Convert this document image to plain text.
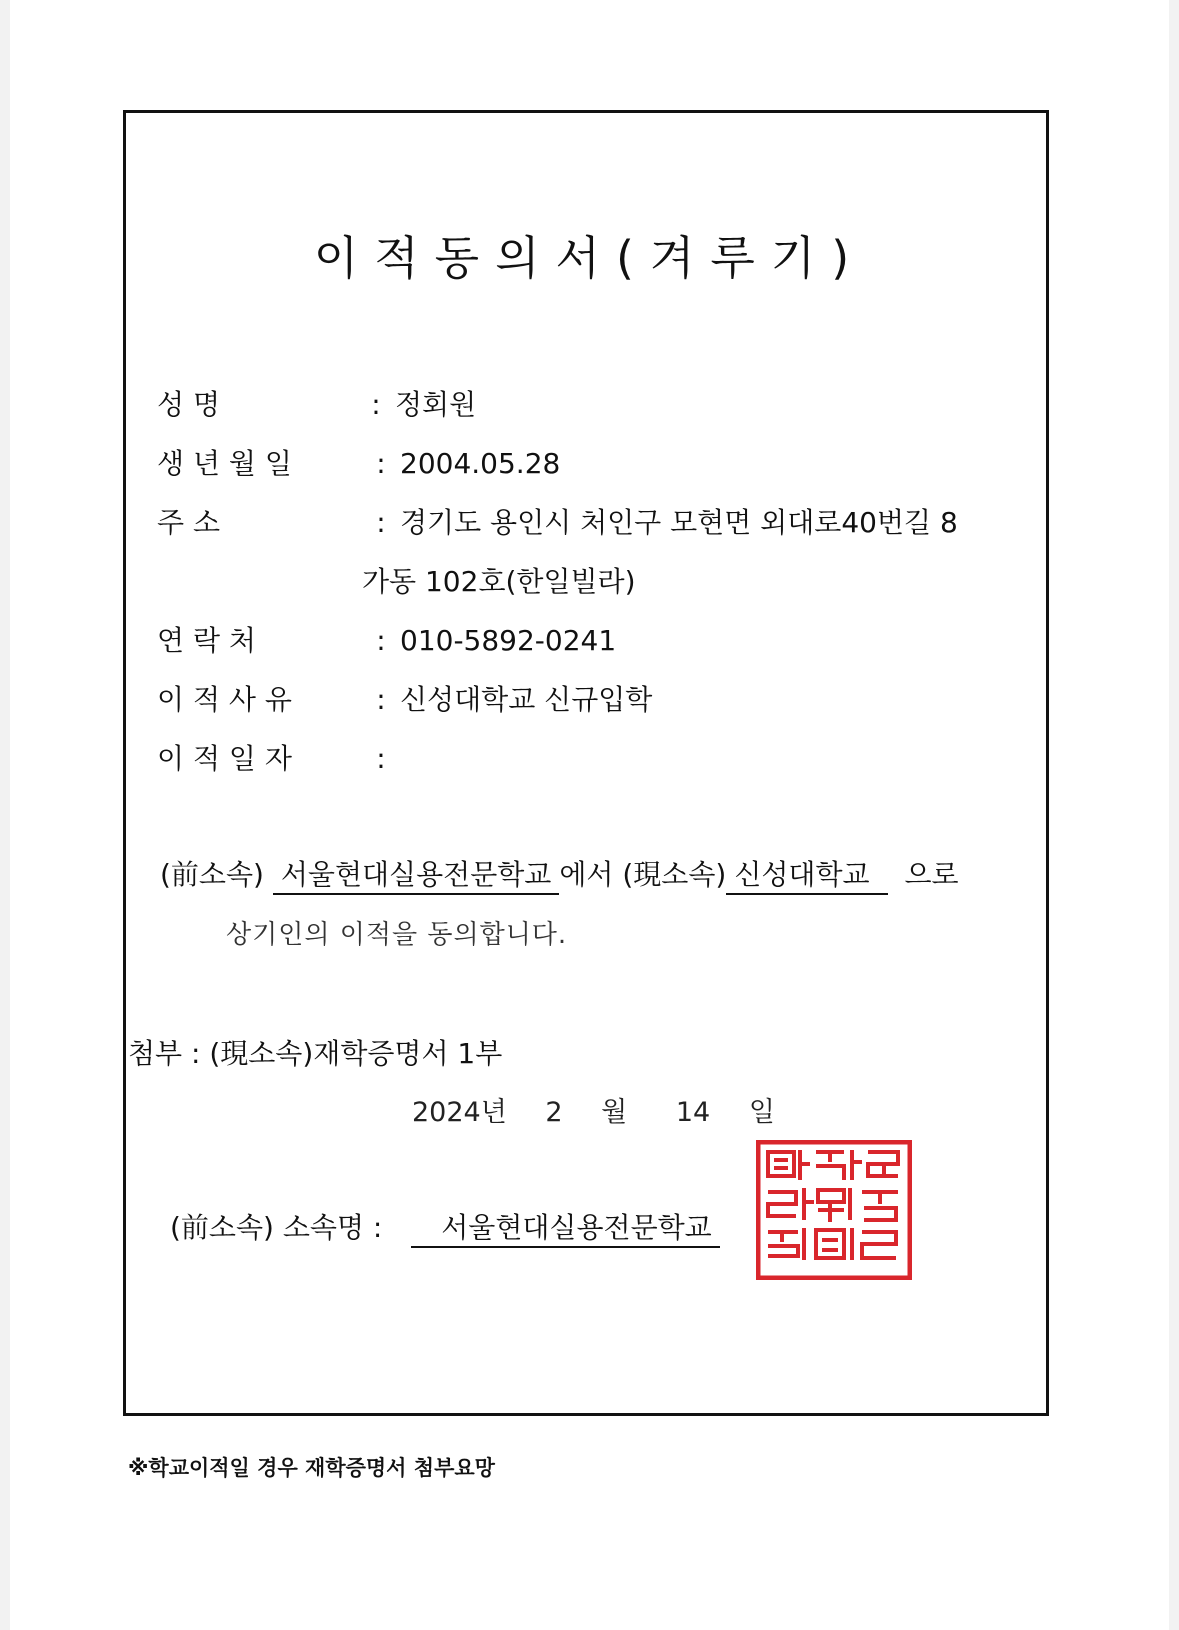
이적동의서(겨루기)
성 명	: 정회원
생 년 월 일	: 2004.05.28
주 소	: 경기도 용인시 처인구 모현면 외대로40번길 8
가동 102호(한일빌라)
연 락 처	: 010-5892-0241
이 적 사 유	: 신성대학교 신규입학
이 적 일 자	:
(前소속) 서울현대실용전문학교 에서 (現소속) 신성대학교 으로
상기인의 이적을 동의합니다.
첨부 : (現소속)재학증명서 1부
2024년 2 월 14 일
(前소속) 소속명 : 서울현대실용전문학교
※학교이적일 경우 재학증명서 첨부요망
